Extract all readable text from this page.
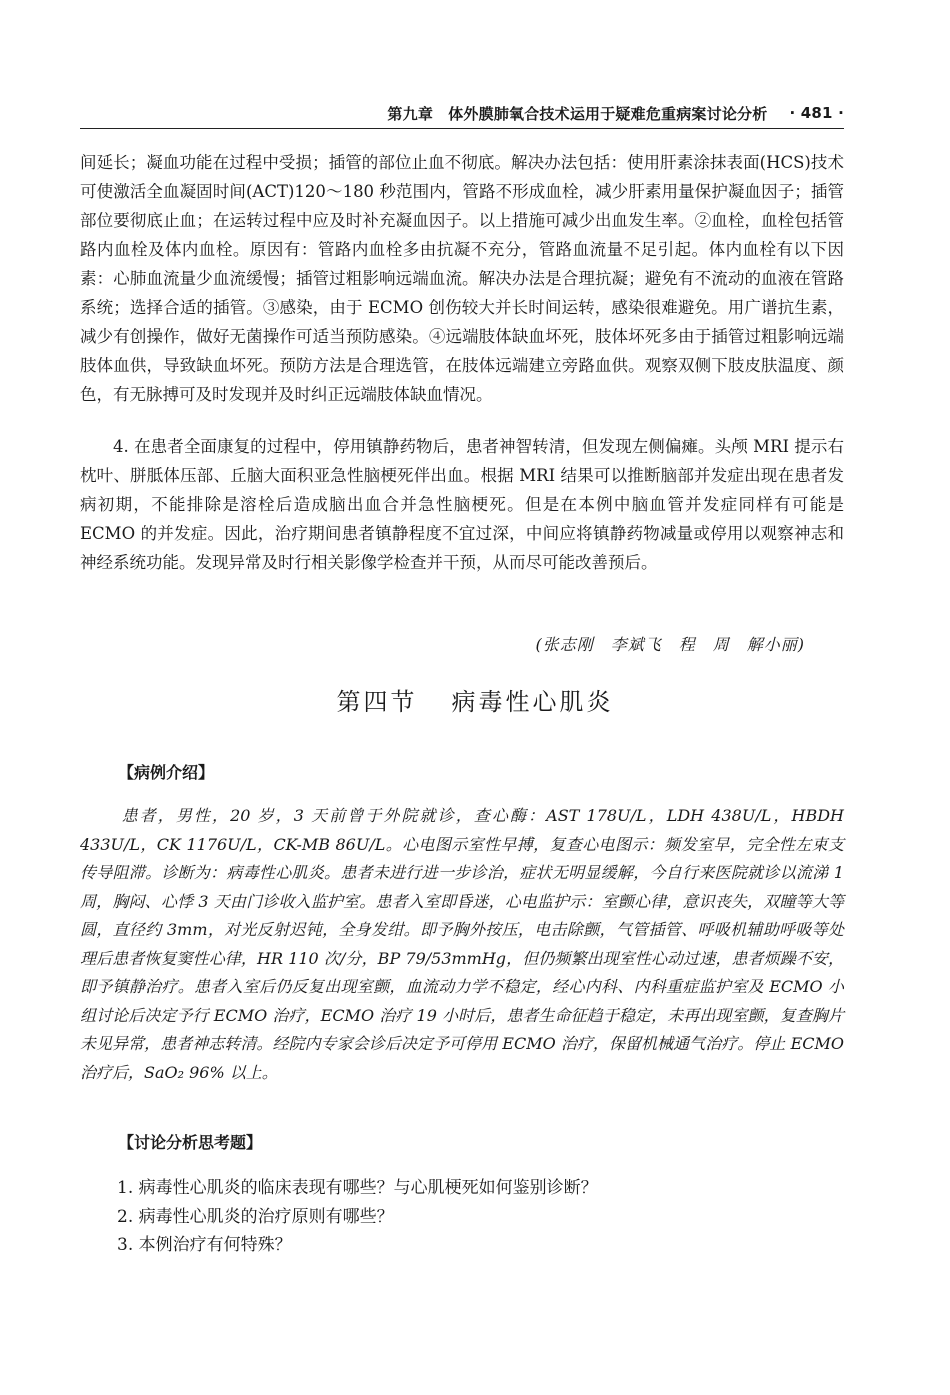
第九章　体外膜肺氧合技术运用于疑难危重病案讨论分析 · 481 ·

间延长；凝血功能在过程中受损；插管的部位止血不彻底。解决办法包括：使用肝素涂抹表面(HCS)技术可使激活全血凝固时间(ACT)120～180 秒范围内，管路不形成血栓，减少肝素用量保护凝血因子；插管部位要彻底止血；在运转过程中应及时补充凝血因子。以上措施可减少出血发生率。②血栓，血栓包括管路内血栓及体内血栓。原因有：管路内血栓多由抗凝不充分，管路血流量不足引起。体内血栓有以下因素：心肺血流量少血流缓慢；插管过粗影响远端血流。解决办法是合理抗凝；避免有不流动的血液在管路系统；选择合适的插管。③感染，由于 ECMO 创伤较大并长时间运转，感染很难避免。用广谱抗生素，减少有创操作，做好无菌操作可适当预防感染。④远端肢体缺血坏死，肢体坏死多由于插管过粗影响远端肢体血供，导致缺血坏死。预防方法是合理选管，在肢体远端建立旁路血供。观察双侧下肢皮肤温度、颜色，有无脉搏可及时发现并及时纠正远端肢体缺血情况。

4. 在患者全面康复的过程中，停用镇静药物后，患者神智转清，但发现左侧偏瘫。头颅 MRI 提示右枕叶、胼胝体压部、丘脑大面积亚急性脑梗死伴出血。根据 MRI 结果可以推断脑部并发症出现在患者发病初期，不能排除是溶栓后造成脑出血合并急性脑梗死。但是在本例中脑血管并发症同样有可能是 ECMO 的并发症。因此，治疗期间患者镇静程度不宜过深，中间应将镇静药物减量或停用以观察神志和神经系统功能。发现异常及时行相关影像学检查并干预，从而尽可能改善预后。

(张志刚　李斌飞　程　周　解小丽)
第四节 病毒性心肌炎
【病例介绍】

患者，男性，20 岁，3 天前曾于外院就诊，查心酶：AST 178U/L，LDH 438U/L，HBDH 433U/L，CK 1176U/L，CK-MB 86U/L。心电图示室性早搏，复查心电图示：频发室早，完全性左束支传导阻滞。诊断为：病毒性心肌炎。患者未进行进一步诊治，症状无明显缓解，今自行来医院就诊以流涕 1 周，胸闷、心悸 3 天由门诊收入监护室。患者入室即昏迷，心电监护示：室颤心律，意识丧失，双瞳等大等圆，直径约 3mm，对光反射迟钝，全身发绀。即予胸外按压，电击除颤，气管插管、呼吸机辅助呼吸等处理后患者恢复窦性心律，HR 110 次/分，BP 79/53mmHg，但仍频繁出现室性心动过速，患者烦躁不安，即予镇静治疗。患者入室后仍反复出现室颤，血流动力学不稳定，经心内科、内科重症监护室及 ECMO 小组讨论后决定予行 ECMO 治疗，ECMO 治疗 19 小时后，患者生命征趋于稳定，未再出现室颤，复查胸片未见异常，患者神志转清。经院内专家会诊后决定予可停用 ECMO 治疗，保留机械通气治疗。停止 ECMO 治疗后，SaO₂ 96% 以上。

【讨论分析思考题】
1. 病毒性心肌炎的临床表现有哪些？与心肌梗死如何鉴别诊断？
2. 病毒性心肌炎的治疗原则有哪些？
3. 本例治疗有何特殊？
